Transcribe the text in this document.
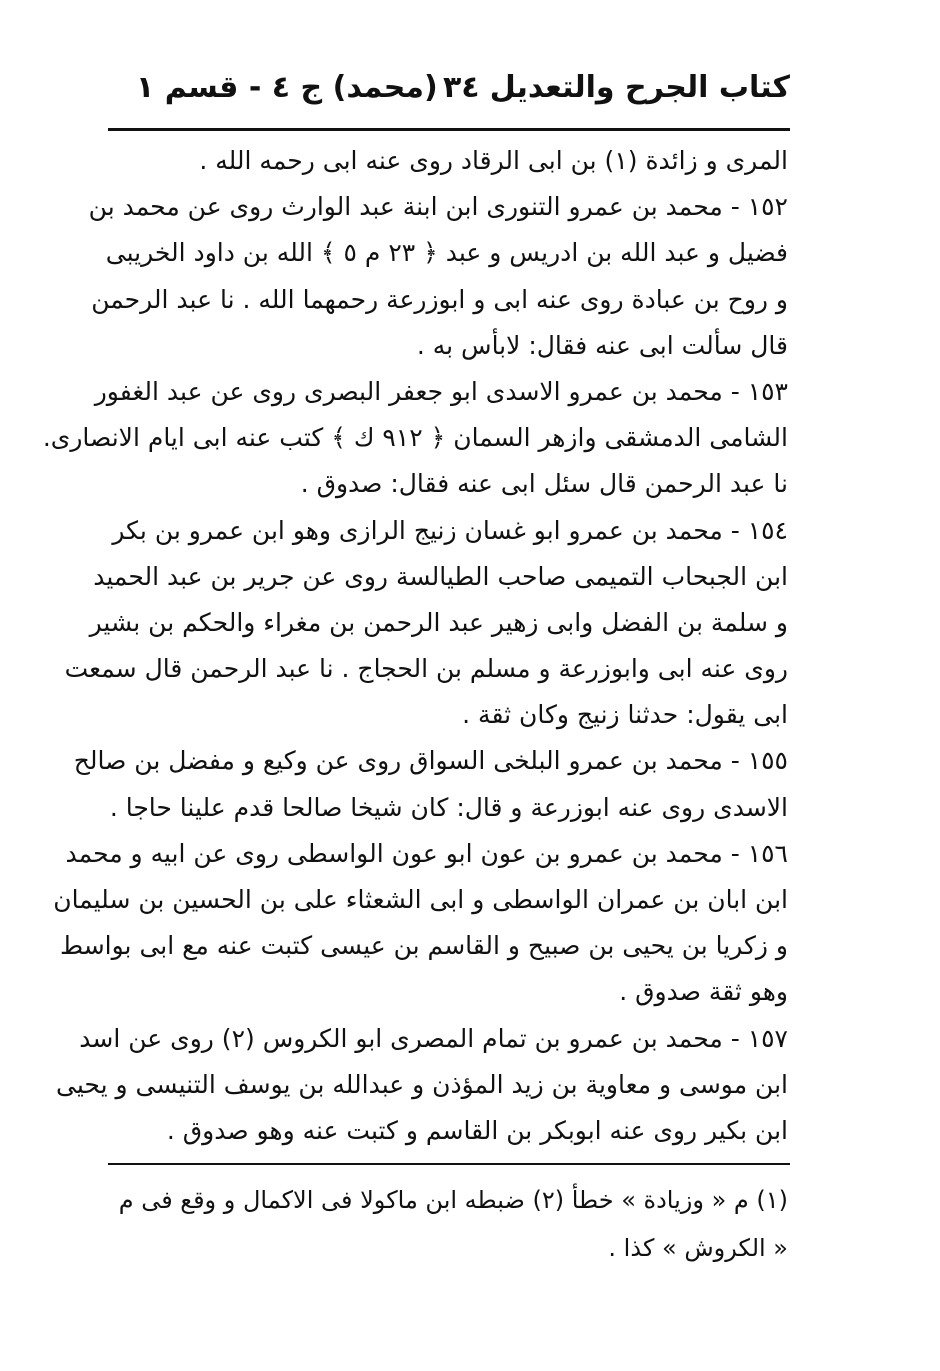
كتاب الجرح والتعديل
٣٤
(محمد) ج ٤ - قسم ١
المرى و زائدة (١) بن ابى الرقاد روى عنه ابى رحمه الله .
١٥٢ - محمد بن عمرو التنورى ابن ابنة عبد الوارث روى عن محمد بن
فضيل و عبد الله بن ادريس و عبد ﴿ ٢٣ م ٥ ﴾ الله بن داود الخريبى
و روح بن عبادة روى عنه ابى و ابوزرعة رحمهما الله . نا عبد الرحمن
قال سألت ابى عنه فقال: لابأس به .
١٥٣ - محمد بن عمرو الاسدى ابو جعفر البصرى روى عن عبد الغفور
الشامى الدمشقى وازهر السمان ﴿ ٩١٢ ك ﴾ كتب عنه ابى ايام الانصارى.
نا عبد الرحمن قال سئل ابى عنه فقال: صدوق .
١٥٤ - محمد بن عمرو ابو غسان زنيج الرازى وهو ابن عمرو بن بكر
ابن الجبحاب التميمى صاحب الطيالسة روى عن جرير بن عبد الحميد
و سلمة بن الفضل وابى زهير عبد الرحمن بن مغراء والحكم بن بشير
روى عنه ابى وابوزرعة و مسلم بن الحجاج . نا عبد الرحمن قال سمعت
ابى يقول: حدثنا زنيج وكان ثقة .
١٥٥ - محمد بن عمرو البلخى السواق روى عن وكيع و مفضل بن صالح
الاسدى روى عنه ابوزرعة و قال: كان شيخا صالحا قدم علينا حاجا .
١٥٦ - محمد بن عمرو بن عون ابو عون الواسطى روى عن ابيه و محمد
ابن ابان بن عمران الواسطى و ابى الشعثاء على بن الحسين بن سليمان
و زكريا بن يحيى بن صبيح و القاسم بن عيسى كتبت عنه مع ابى بواسط
وهو ثقة صدوق .
١٥٧ - محمد بن عمرو بن تمام المصرى ابو الكروس (٢) روى عن اسد
ابن موسى و معاوية بن زيد المؤذن و عبدالله بن يوسف التنيسى و يحيى
ابن بكير روى عنه ابوبكر بن القاسم و كتبت عنه وهو صدوق .
(١) م « وزيادة » خطأ (٢) ضبطه ابن ماكولا فى الاكمال و وقع فى م
« الكروش » كذا .
